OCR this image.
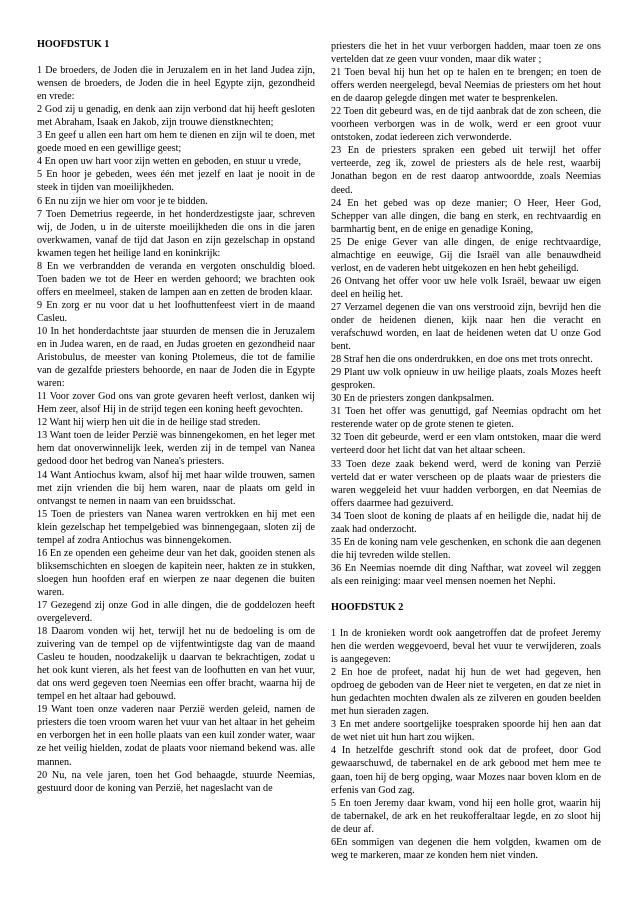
HOOFDSTUK 1

1 De broeders, de Joden die in Jeruzalem en in het land Judea zijn, wensen de broeders, de Joden die in heel Egypte zijn, gezondheid en vrede:

2 God zij u genadig, en denk aan zijn verbond dat hij heeft gesloten met Abraham, Isaak en Jakob, zijn trouwe dienstknechten;

3 En geef u allen een hart om hem te dienen en zijn wil te doen, met goede moed en een gewillige geest;

4 En open uw hart voor zijn wetten en geboden, en stuur u vrede,

5 En hoor je gebeden, wees één met jezelf en laat je nooit in de steek in tijden van moeilijkheden.

6 En nu zijn we hier om voor je te bidden.

7 Toen Demetrius regeerde, in het honderdzestigste jaar, schreven wij, de Joden, u in de uiterste moeilijkheden die ons in die jaren overkwamen, vanaf de tijd dat Jason en zijn gezelschap in opstand kwamen tegen het heilige land en koninkrijk:

8 En we verbrandden de veranda en vergoten onschuldig bloed. Toen baden we tot de Heer en werden gehoord; we brachten ook offers en meelmeel, staken de lampen aan en zetten de broden klaar.

9 En zorg er nu voor dat u het loofhuttenfeest viert in de maand Casleu.

10 In het honderdachtste jaar stuurden de mensen die in Jeruzalem en in Judea waren, en de raad, en Judas groeten en gezondheid naar Aristobulus, de meester van koning Ptolemeus, die tot de familie van de gezalfde priesters behoorde, en naar de Joden die in Egypte waren:

11 Voor zover God ons van grote gevaren heeft verlost, danken wij Hem zeer, alsof Hij in de strijd tegen een koning heeft gevochten.

12 Want hij wierp hen uit die in de heilige stad streden.

13 Want toen de leider Perzië was binnengekomen, en het leger met hem dat onoverwinnelijk leek, werden zij in de tempel van Nanea gedood door het bedrog van Nanea's priesters.

14 Want Antiochus kwam, alsof hij met haar wilde trouwen, samen met zijn vrienden die bij hem waren, naar de plaats om geld in ontvangst te nemen in naam van een bruidsschat.

15 Toen de priesters van Nanea waren vertrokken en hij met een klein gezelschap het tempelgebied was binnengegaan, sloten zij de tempel af zodra Antiochus was binnengekomen.

16 En ze openden een geheime deur van het dak, gooiden stenen als bliksemschichten en sloegen de kapitein neer, hakten ze in stukken, sloegen hun hoofden eraf en wierpen ze naar degenen die buiten waren.

17 Gezegend zij onze God in alle dingen, die de goddelozen heeft overgeleverd.

18 Daarom vonden wij het, terwijl het nu de bedoeling is om de zuivering van de tempel op de vijfentwintigste dag van de maand Casleu te houden, noodzakelijk u daarvan te bekrachtigen, zodat u het ook kunt vieren, als het feest van de loofhutten en van het vuur, dat ons werd gegeven toen Neemias een offer bracht, waarna hij de tempel en het altaar had gebouwd.

19 Want toen onze vaderen naar Perzië werden geleid, namen de priesters die toen vroom waren het vuur van het altaar in het geheim en verborgen het in een holle plaats van een kuil zonder water, waar ze het veilig hielden, zodat de plaats voor niemand bekend was. alle mannen.

20 Nu, na vele jaren, toen het God behaagde, stuurde Neemias, gestuurd door de koning van Perzië, het nageslacht van de

priesters die het in het vuur verborgen hadden, maar toen ze ons vertelden dat ze geen vuur vonden, maar dik water ;

21 Toen beval hij hun het op te halen en te brengen; en toen de offers werden neergelegd, beval Neemias de priesters om het hout en de daarop gelegde dingen met water te besprenkelen.

22 Toen dit gebeurd was, en de tijd aanbrak dat de zon scheen, die voorheen verborgen was in de wolk, werd er een groot vuur ontstoken, zodat iedereen zich verwonderde.

23 En de priesters spraken een gebed uit terwijl het offer verteerde, zeg ik, zowel de priesters als de hele rest, waarbij Jonathan begon en de rest daarop antwoordde, zoals Neemias deed.

24 En het gebed was op deze manier; O Heer, Heer God, Schepper van alle dingen, die bang en sterk, en rechtvaardig en barmhartig bent, en de enige en genadige Koning,

25 De enige Gever van alle dingen, de enige rechtvaardige, almachtige en eeuwige, Gij die Israël van alle benauwdheid verlost, en de vaderen hebt uitgekozen en hen hebt geheiligd.

26 Ontvang het offer voor uw hele volk Israël, bewaar uw eigen deel en heilig het.

27 Verzamel degenen die van ons verstrooid zijn, bevrijd hen die onder de heidenen dienen, kijk naar hen die veracht en verafschuwd worden, en laat de heidenen weten dat U onze God bent.

28 Straf hen die ons onderdrukken, en doe ons met trots onrecht.

29 Plant uw volk opnieuw in uw heilige plaats, zoals Mozes heeft gesproken.

30 En de priesters zongen dankpsalmen.

31 Toen het offer was genuttigd, gaf Neemias opdracht om het resterende water op de grote stenen te gieten.

32 Toen dit gebeurde, werd er een vlam ontstoken, maar die werd verteerd door het licht dat van het altaar scheen.

33 Toen deze zaak bekend werd, werd de koning van Perzië verteld dat er water verscheen op de plaats waar de priesters die waren weggeleid het vuur hadden verborgen, en dat Neemias de offers daarmee had gezuiverd.

34 Toen sloot de koning de plaats af en heiligde die, nadat hij de zaak had onderzocht.

35 En de koning nam vele geschenken, en schonk die aan degenen die hij tevreden wilde stellen.

36 En Neemias noemde dit ding Nafthar, wat zoveel wil zeggen als een reiniging: maar veel mensen noemen het Nephi.

HOOFDSTUK 2

1 In de kronieken wordt ook aangetroffen dat de profeet Jeremy hen die werden weggevoerd, beval het vuur te verwijderen, zoals is aangegeven:

2 En hoe de profeet, nadat hij hun de wet had gegeven, hen opdroeg de geboden van de Heer niet te vergeten, en dat ze niet in hun gedachten mochten dwalen als ze zilveren en gouden beelden met hun sieraden zagen.

3 En met andere soortgelijke toespraken spoorde hij hen aan dat de wet niet uit hun hart zou wijken.

4 In hetzelfde geschrift stond ook dat de profeet, door God gewaarschuwd, de tabernakel en de ark gebood met hem mee te gaan, toen hij de berg opging, waar Mozes naar boven klom en de erfenis van God zag.

5 En toen Jeremy daar kwam, vond hij een holle grot, waarin hij de tabernakel, de ark en het reukofferaltaar legde, en zo sloot hij de deur af.

6En sommigen van degenen die hem volgden, kwamen om de weg te markeren, maar ze konden hem niet vinden.
